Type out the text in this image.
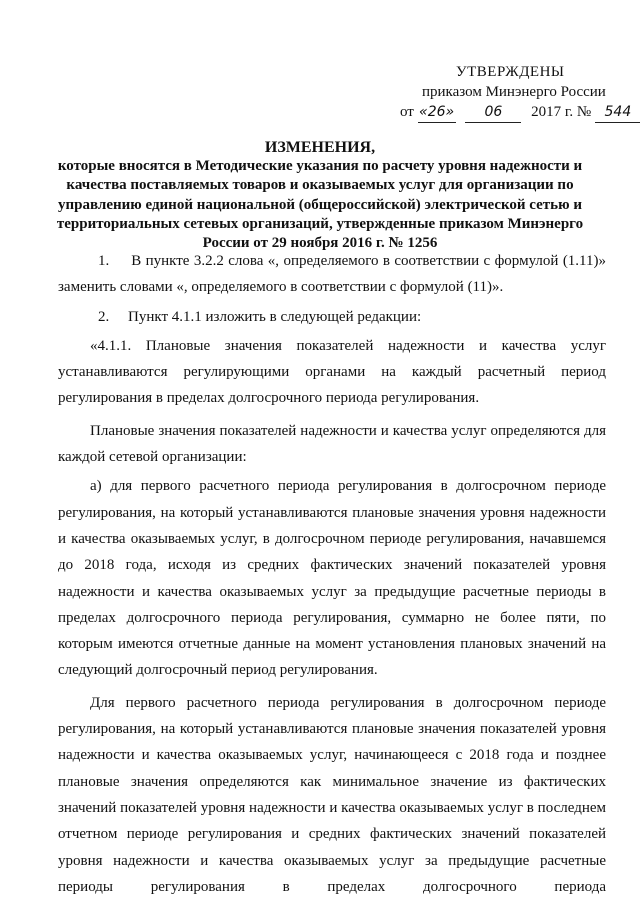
УТВЕРЖДЕНЫ
приказом Минэнерго России
от «26» 06 2017 г. № 544
ИЗМЕНЕНИЯ,
которые вносятся в Методические указания по расчету уровня надежности и качества поставляемых товаров и оказываемых услуг для организации по управлению единой национальной (общероссийской) электрической сетью и территориальных сетевых организаций, утвержденные приказом Минэнерго России от 29 ноября 2016 г. № 1256

1.     В пункте 3.2.2 слова «, определяемого в соответствии с формулой (1.11)» заменить словами «, определяемого в соответствии с формулой (11)».

2.     Пункт 4.1.1 изложить в следующей редакции:

«4.1.1. Плановые значения показателей надежности и качества услуг устанавливаются регулирующими органами на каждый расчетный период регулирования в пределах долгосрочного периода регулирования.

Плановые значения показателей надежности и качества услуг определяются для каждой сетевой организации:

а) для первого расчетного периода регулирования в долгосрочном периоде регулирования, на который устанавливаются плановые значения уровня надежности и качества оказываемых услуг, в долгосрочном периоде регулирования, начавшемся до 2018 года, исходя из средних фактических значений показателей уровня надежности и качества оказываемых услуг за предыдущие расчетные периоды в пределах долгосрочного периода регулирования, суммарно не более пяти, по которым имеются отчетные данные на момент установления плановых значений на следующий долгосрочный период регулирования.

Для первого расчетного периода регулирования в долгосрочном периоде регулирования, на который устанавливаются плановые значения показателей уровня надежности и качества оказываемых услуг, начинающееся с 2018 года и позднее плановые значения определяются как минимальное значение из фактических значений показателей уровня надежности и качества оказываемых услуг в последнем отчетном периоде регулирования и средних фактических значений показателей уровня надежности и качества оказываемых услуг за предыдущие расчетные периоды регулирования в пределах долгосрочного периода
